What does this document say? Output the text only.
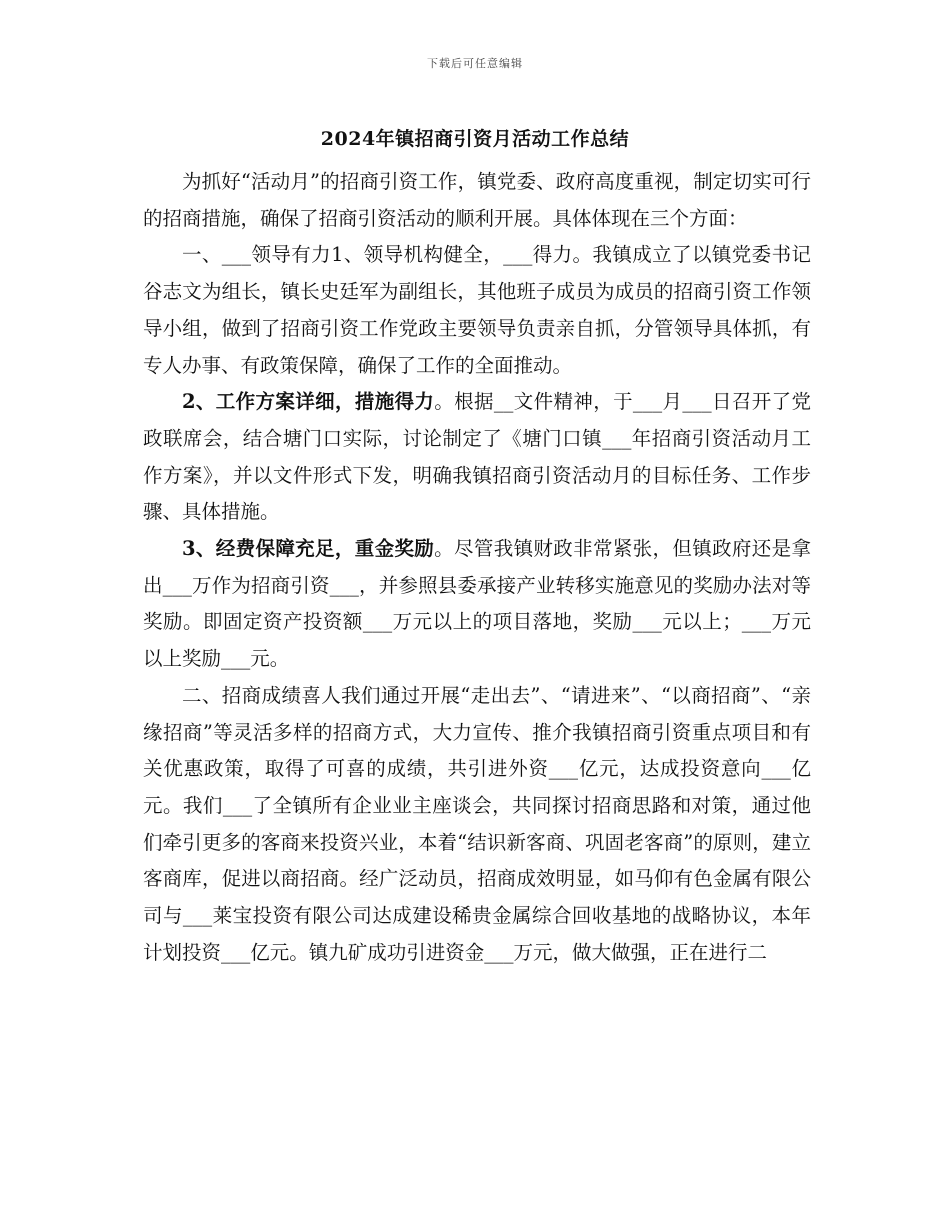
下载后可任意编辑
2024年镇招商引资月活动工作总结

为抓好“活动月”的招商引资工作，镇党委、政府高度重视，制定切实可行的招商措施，确保了招商引资活动的顺利开展。具体体现在三个方面：

一、___领导有力1、领导机构健全，___得力。我镇成立了以镇党委书记谷志文为组长，镇长史廷军为副组长，其他班子成员为成员的招商引资工作领导小组，做到了招商引资工作党政主要领导负责亲自抓，分管领导具体抓，有专人办事、有政策保障，确保了工作的全面推动。

2、工作方案详细，措施得力。根据__文件精神，于___月___日召开了党政联席会，结合塘门口实际，讨论制定了《塘门口镇___年招商引资活动月工作方案》，并以文件形式下发，明确我镇招商引资活动月的目标任务、工作步骤、具体措施。

3、经费保障充足，重金奖励。尽管我镇财政非常紧张，但镇政府还是拿出___万作为招商引资___，并参照县委承接产业转移实施意见的奖励办法对等奖励。即固定资产投资额___万元以上的项目落地，奖励___元以上；___万元以上奖励___元。

二、招商成绩喜人我们通过开展“走出去”、“请进来”、“以商招商”、“亲缘招商”等灵活多样的招商方式，大力宣传、推介我镇招商引资重点项目和有关优惠政策，取得了可喜的成绩，共引进外资___亿元，达成投资意向___亿元。我们___了全镇所有企业业主座谈会，共同探讨招商思路和对策，通过他们牵引更多的客商来投资兴业，本着“结识新客商、巩固老客商”的原则，建立客商库，促进以商招商。经广泛动员，招商成效明显，如马仰有色金属有限公司与___莱宝投资有限公司达成建设稀贵金属综合回收基地的战略协议，本年计划投资___亿元。镇九矿成功引进资金___万元，做大做强，正在进行二
